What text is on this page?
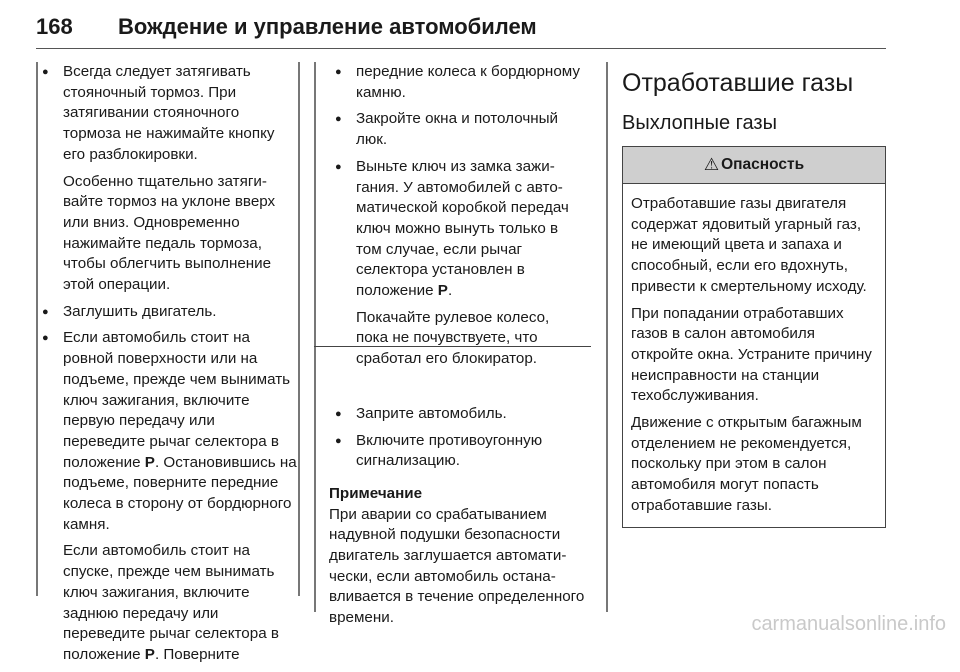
168 Вождение и управление автомобилем

● Всегда следует затягивать стояночный тормоз. При затягивании стояночного тормоза не нажимайте кнопку его разблокировки.

Особенно тщательно затягивайте тормоз на уклоне вверх или вниз. Одновременно нажимайте педаль тормоза, чтобы облегчить выполнение этой операции.

● Заглушить двигатель.

● Если автомобиль стоит на ровной поверхности или на подъеме, прежде чем вынимать ключ зажигания, включите первую передачу или переведите рычаг селектора в положение P. Остановившись на подъеме, поверните передние колеса в сторону от бордюрного камня.

Если автомобиль стоит на спуске, прежде чем вынимать ключ зажигания, включите заднюю передачу или переведите рычаг селектора в положение P. Поверните

● передние колеса к бордюрному камню.

● Закройте окна и потолочный люк.

● Выньте ключ из замка зажигания. У автомобилей с автоматической коробкой передач ключ можно вынуть только в том случае, если рычаг селектора установлен в положение P.

Покачайте рулевое колесо, пока не почувствуете, что сработал его блокиратор.

● Заприте автомобиль.

● Включите противоугонную сигнализацию.

Примечание

При аварии со срабатыванием надувной подушки безопасности двигатель заглушается автоматически, если автомобиль останавливается в течение определенного времени.

Отработавшие газы
Выхлопные газы
⚠ Опасность

Отработавшие газы двигателя содержат ядовитый угарный газ, не имеющий цвета и запаха и способный, если его вдохнуть, привести к смертельному исходу.

При попадании отработавших газов в салон автомобиля откройте окна. Устраните причину неисправности на станции техобслуживания.

Движение с открытым багажным отделением не рекомендуется, поскольку при этом в салон автомобиля могут попасть отработавшие газы.

carmanualsonline.info
